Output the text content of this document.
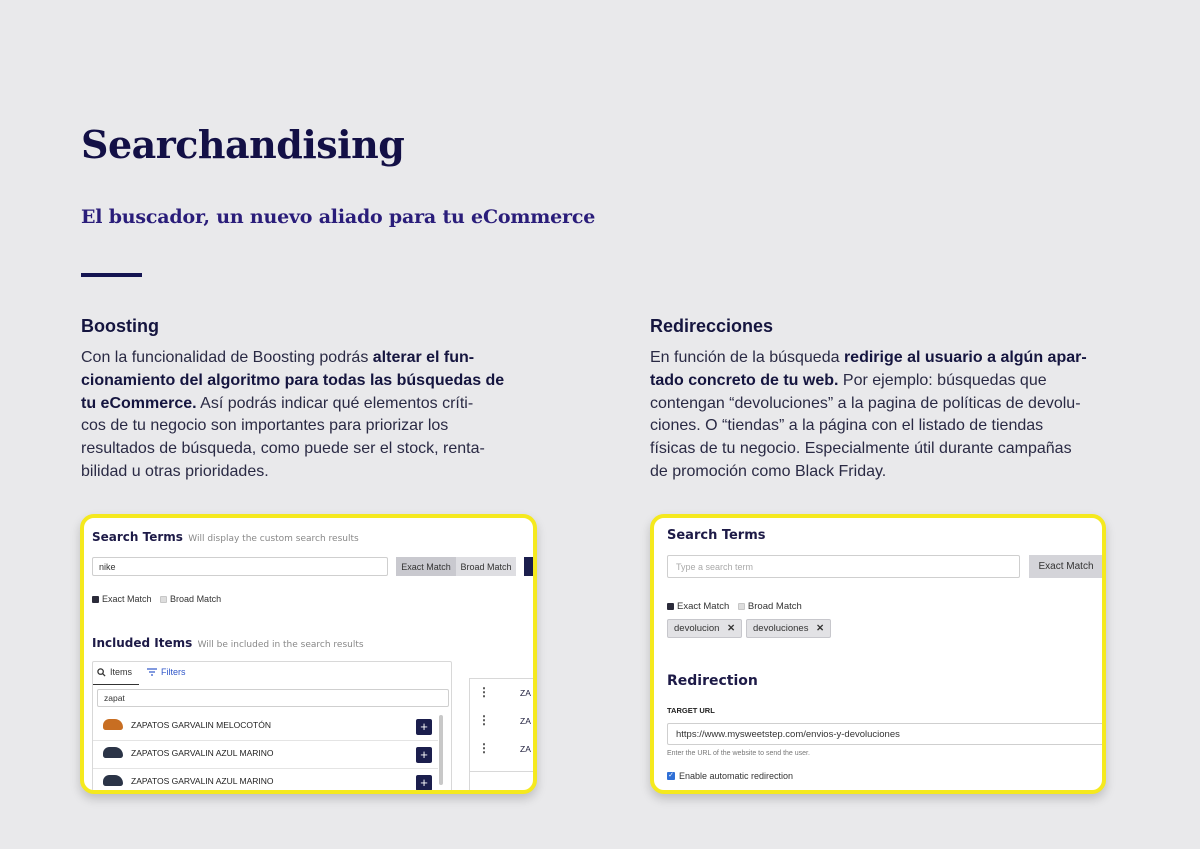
Searchandising
El buscador, un nuevo aliado para tu eCommerce
Boosting
Con la funcionalidad de Boosting podrás alterar el fun-
cionamiento del algoritmo para todas las búsquedas de
tu eCommerce. Así podrás indicar qué elementos críti-
cos de tu negocio son importantes para priorizar los
resultados de búsqueda, como puede ser el stock, renta-
bilidad u otras prioridades.
Redirecciones
En función de la búsqueda redirige al usuario a algún apar-
tado concreto de tu web. Por ejemplo: búsquedas que
contengan “devoluciones” a la pagina de políticas de devolu-
ciones. O “tiendas” a la página con el listado de tiendas
físicas de tu negocio. Especialmente útil durante campañas
de promoción como Black Friday.
Search Terms Will display the custom search results
nike	Exact Match	Broad Match
Exact Match Broad Match
Included Items Will be included in the search results
Items	Filters
zapat
ZAPATOS GARVALIN MELOCOTÓN	+
ZAPATOS GARVALIN AZUL MARINO	+
ZAPATOS GARVALIN AZUL MARINO	+
⋮	ZA
⋮	ZA
⋮	ZA
Search Terms
Type a search term	Exact Match
Exact Match Broad Match
devolucion ✕	devoluciones ✕
Redirection
TARGET URL
https://www.mysweetstep.com/envios-y-devoluciones
Enter the URL of the website to send the user.
✓ Enable automatic redirection
